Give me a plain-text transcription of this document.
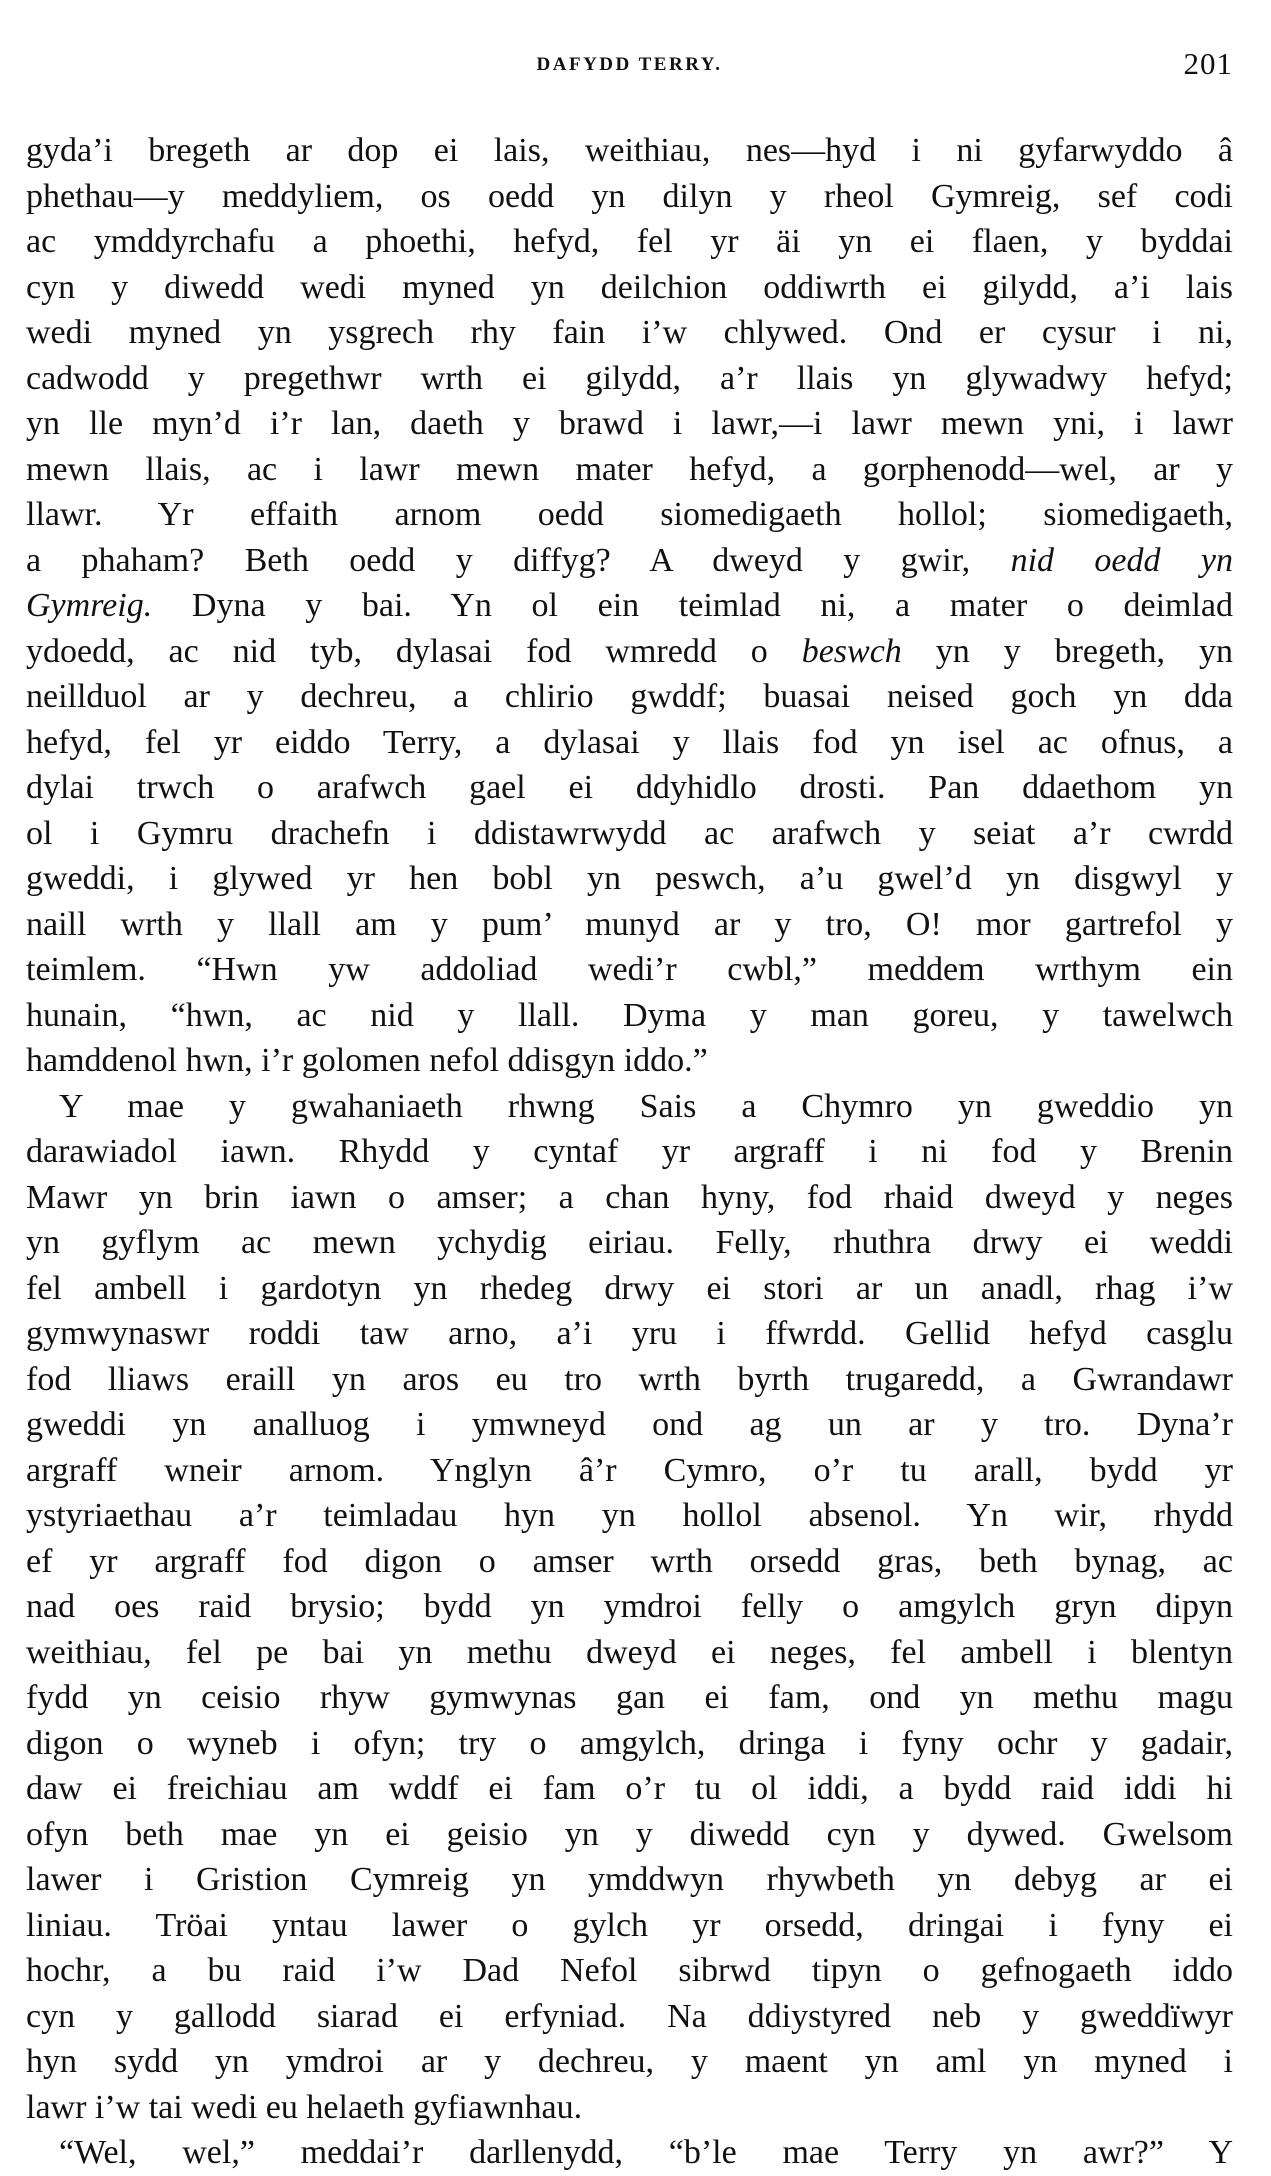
DAFYDD TERRY.	201
gyda’i bregeth ar dop ei lais, weithiau, nes—hyd i ni gyfarwyddo â
phethau—y meddyliem, os oedd yn dilyn y rheol Gymreig, sef codi
ac ymddyrchafu a phoethi, hefyd, fel yr äi yn ei flaen, y byddai
cyn y diwedd wedi myned yn deilchion oddiwrth ei gilydd, a’i lais
wedi myned yn ysgrech rhy fain i’w chlywed. Ond er cysur i ni,
cadwodd y pregethwr wrth ei gilydd, a’r llais yn glywadwy hefyd;
yn lle myn’d i’r lan, daeth y brawd i lawr,—i lawr mewn yni, i lawr
mewn llais, ac i lawr mewn mater hefyd, a gorphenodd—wel, ar y
llawr. Yr effaith arnom oedd siomedigaeth hollol; siomedigaeth,
a phaham? Beth oedd y diffyg? A dweyd y gwir, nid oedd yn
Gymreig. Dyna y bai. Yn ol ein teimlad ni, a mater o deimlad
ydoedd, ac nid tyb, dylasai fod wmredd o beswch yn y bregeth, yn
neillduol ar y dechreu, a chlirio gwddf; buasai neised goch yn dda
hefyd, fel yr eiddo Terry, a dylasai y llais fod yn isel ac ofnus, a
dylai trwch o arafwch gael ei ddyhidlo drosti. Pan ddaethom yn
ol i Gymru drachefn i ddistawrwydd ac arafwch y seiat a’r cwrdd
gweddi, i glywed yr hen bobl yn peswch, a’u gwel’d yn disgwyl y
naill wrth y llall am y pum’ munyd ar y tro, O! mor gartrefol y
teimlem. “Hwn yw addoliad wedi’r cwbl,” meddem wrthym ein
hunain, “hwn, ac nid y llall. Dyma y man goreu, y tawelwch
hamddenol hwn, i’r golomen nefol ddisgyn iddo.”
Y mae y gwahaniaeth rhwng Sais a Chymro yn gweddio yn
darawiadol iawn. Rhydd y cyntaf yr argraff i ni fod y Brenin
Mawr yn brin iawn o amser; a chan hyny, fod rhaid dweyd y neges
yn gyflym ac mewn ychydig eiriau. Felly, rhuthra drwy ei weddi
fel ambell i gardotyn yn rhedeg drwy ei stori ar un anadl, rhag i’w
gymwynaswr roddi taw arno, a’i yru i ffwrdd. Gellid hefyd casglu
fod lliaws eraill yn aros eu tro wrth byrth trugaredd, a Gwrandawr
gweddi yn analluog i ymwneyd ond ag un ar y tro. Dyna’r
argraff wneir arnom. Ynglyn â’r Cymro, o’r tu arall, bydd yr
ystyriaethau a’r teimladau hyn yn hollol absenol. Yn wir, rhydd
ef yr argraff fod digon o amser wrth orsedd gras, beth bynag, ac
nad oes raid brysio; bydd yn ymdroi felly o amgylch gryn dipyn
weithiau, fel pe bai yn methu dweyd ei neges, fel ambell i blentyn
fydd yn ceisio rhyw gymwynas gan ei fam, ond yn methu magu
digon o wyneb i ofyn; try o amgylch, dringa i fyny ochr y gadair,
daw ei freichiau am wddf ei fam o’r tu ol iddi, a bydd raid iddi hi
ofyn beth mae yn ei geisio yn y diwedd cyn y dywed. Gwelsom
lawer i Gristion Cymreig yn ymddwyn rhywbeth yn debyg ar ei
liniau. Tröai yntau lawer o gylch yr orsedd, dringai i fyny ei
hochr, a bu raid i’w Dad Nefol sibrwd tipyn o gefnogaeth iddo
cyn y gallodd siarad ei erfyniad. Na ddiystyred neb y gweddïwyr
hyn sydd yn ymdroi ar y dechreu, y maent yn aml yn myned i
lawr i’w tai wedi eu helaeth gyfiawnhau.
“Wel, wel,” meddai’r darllenydd, “b’le mae Terry yn awr?” Y
